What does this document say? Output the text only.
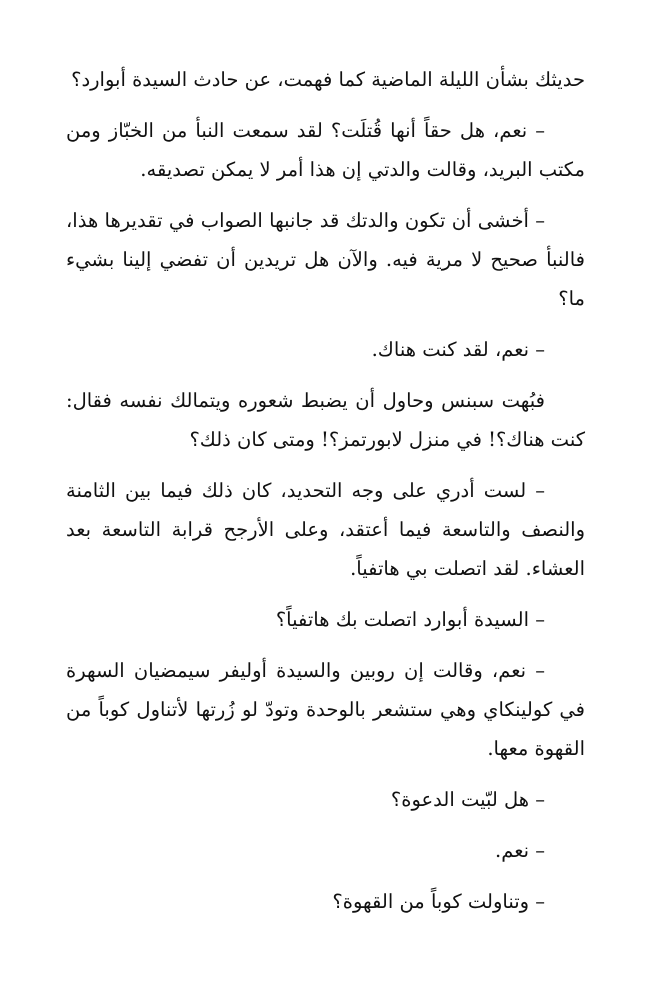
حديثك بشأن الليلة الماضية كما فهمت، عن حادث السيدة أبوارد؟

– نعم، هل حقاً أنها قُتلَت؟ لقد سمعت النبأ من الخبّاز ومن مكتب البريد، وقالت والدتي إن هذا أمر لا يمكن تصديقه.

– أخشى أن تكون والدتك قد جانبها الصواب في تقديرها هذا، فالنبأ صحيح لا مرية فيه. والآن هل تريدين أن تفضي إلينا بشيء ما؟

– نعم، لقد كنت هناك.

فبُهت سبنس وحاول أن يضبط شعوره ويتمالك نفسه فقال: كنت هناك؟! في منزل لابورتمز؟! ومتى كان ذلك؟

– لست أدري على وجه التحديد، كان ذلك فيما بين الثامنة والنصف والتاسعة فيما أعتقد، وعلى الأرجح قرابة التاسعة بعد العشاء. لقد اتصلت بي هاتفياً.

– السيدة أبوارد اتصلت بك هاتفياً؟

– نعم، وقالت إن روبين والسيدة أوليفر سيمضيان السهرة في كولينكاي وهي ستشعر بالوحدة وتودّ لو زُرتها لأتناول كوباً من القهوة معها.

– هل لبّيت الدعوة؟

– نعم.

– وتناولت كوباً من القهوة؟
